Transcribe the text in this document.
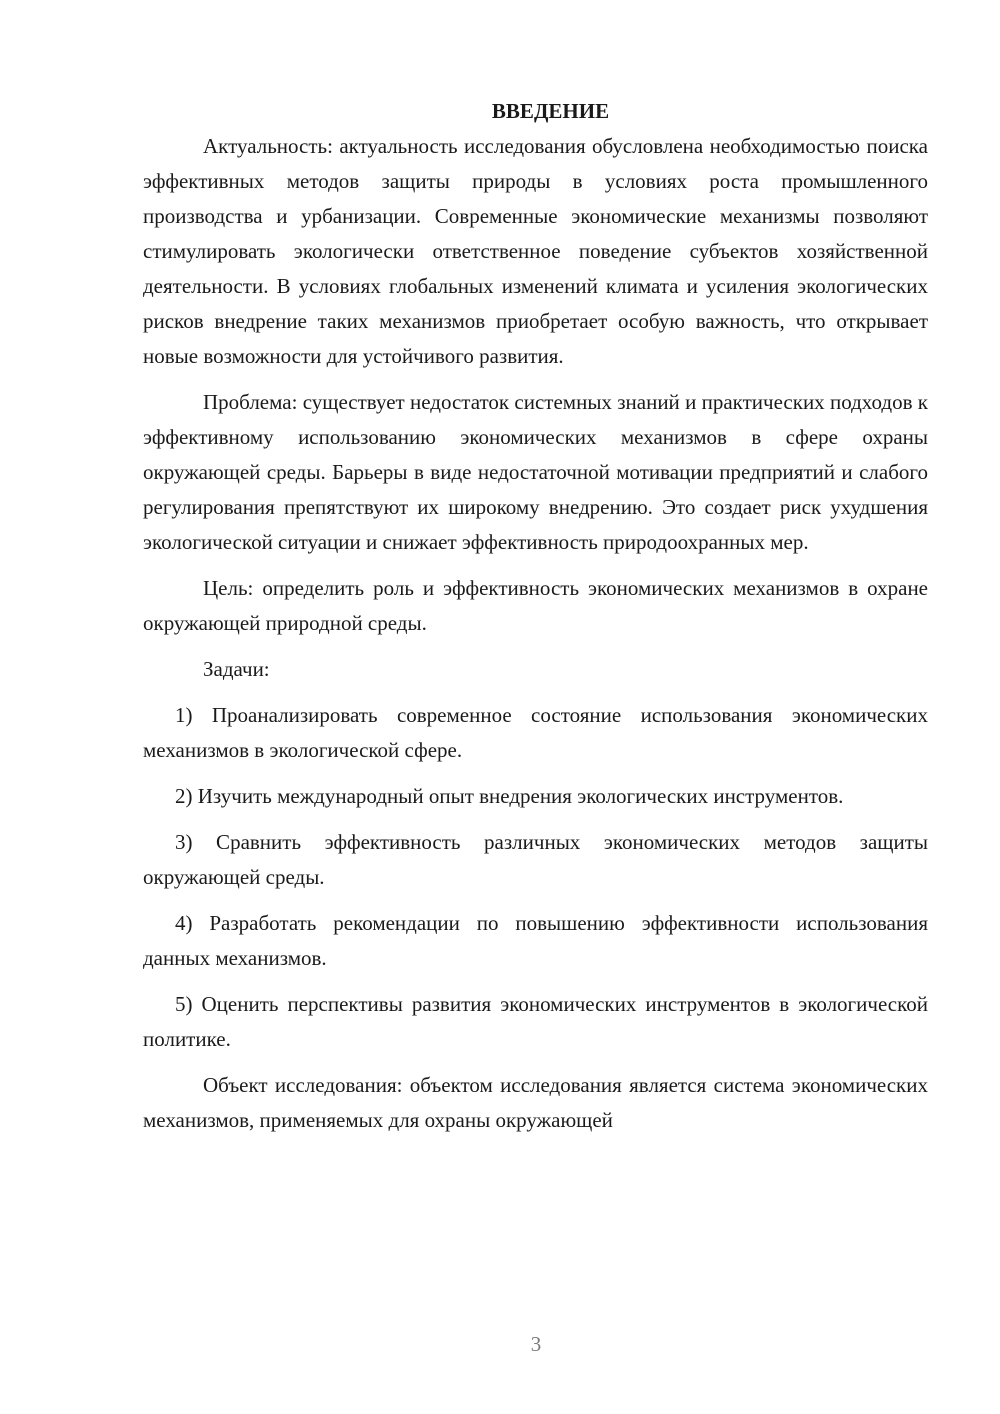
ВВЕДЕНИЕ

Актуальность: актуальность исследования обусловлена необходимостью поиска эффективных методов защиты природы в условиях роста промышленного производства и урбанизации. Современные экономические механизмы позволяют стимулировать экологически ответственное поведение субъектов хозяйственной деятельности. В условиях глобальных изменений климата и усиления экологических рисков внедрение таких механизмов приобретает особую важность, что открывает новые возможности для устойчивого развития.

Проблема: существует недостаток системных знаний и практических подходов к эффективному использованию экономических механизмов в сфере охраны окружающей среды. Барьеры в виде недостаточной мотивации предприятий и слабого регулирования препятствуют их широкому внедрению. Это создает риск ухудшения экологической ситуации и снижает эффективность природоохранных мер.

Цель: определить роль и эффективность экономических механизмов в охране окружающей природной среды.

Задачи:

1) Проанализировать современное состояние использования экономических механизмов в экологической сфере.

2) Изучить международный опыт внедрения экологических инструментов.

3) Сравнить эффективность различных экономических методов защиты окружающей среды.

4) Разработать рекомендации по повышению эффективности использования данных механизмов.

5) Оценить перспективы развития экономических инструментов в экологической политике.

Объект исследования: объектом исследования является система экономических механизмов, применяемых для охраны окружающей

3
